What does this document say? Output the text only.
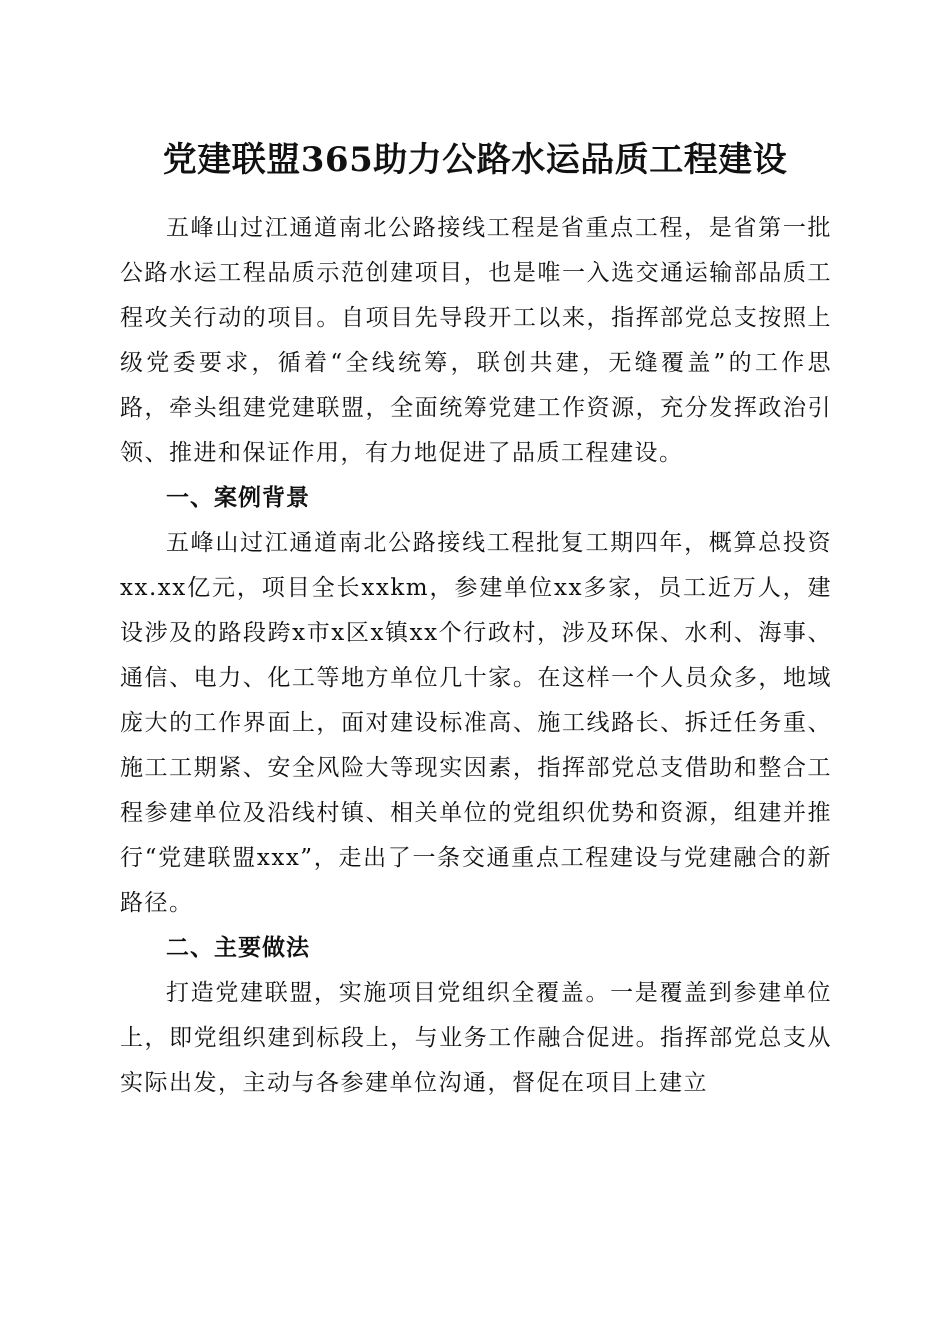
党建联盟365助力公路水运品质工程建设

五峰山过江通道南北公路接线工程是省重点工程，是省第一批公路水运工程品质示范创建项目，也是唯一入选交通运输部品质工程攻关行动的项目。自项目先导段开工以来，指挥部党总支按照上级党委要求，循着“全线统筹，联创共建，无缝覆盖”的工作思路，牵头组建党建联盟，全面统筹党建工作资源，充分发挥政治引领、推进和保证作用，有力地促进了品质工程建设。

一、案例背景

五峰山过江通道南北公路接线工程批复工期四年，概算总投资xx.xx亿元，项目全长xxkm，参建单位xx多家，员工近万人，建设涉及的路段跨x市x区x镇xx个行政村，涉及环保、水利、海事、通信、电力、化工等地方单位几十家。在这样一个人员众多，地域庞大的工作界面上，面对建设标准高、施工线路长、拆迁任务重、施工工期紧、安全风险大等现实因素，指挥部党总支借助和整合工程参建单位及沿线村镇、相关单位的党组织优势和资源，组建并推行“党建联盟xxx”，走出了一条交通重点工程建设与党建融合的新路径。

二、主要做法

打造党建联盟，实施项目党组织全覆盖。一是覆盖到参建单位上，即党组织建到标段上，与业务工作融合促进。指挥部党总支从实际出发，主动与各参建单位沟通，督促在项目上建立
